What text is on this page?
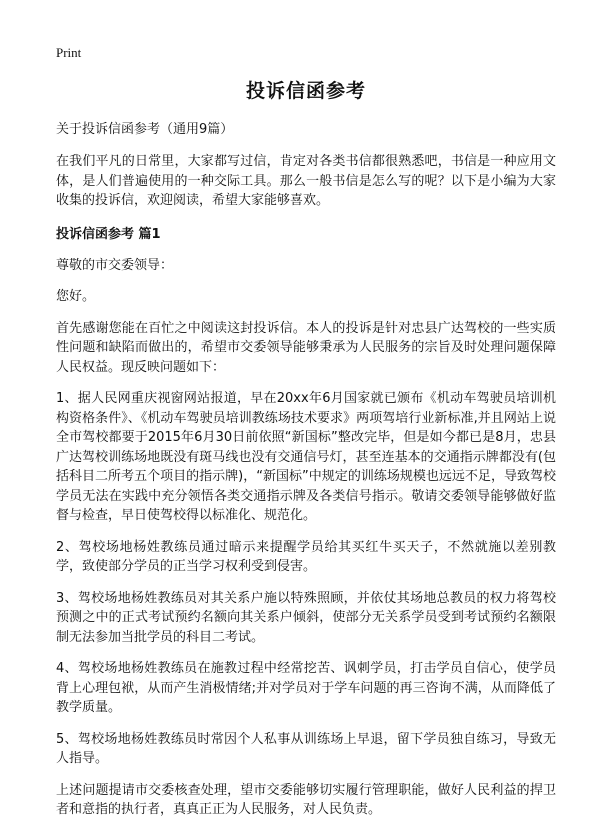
Print
投诉信函参考
关于投诉信函参考（通用9篇）

在我们平凡的日常里，大家都写过信，肯定对各类书信都很熟悉吧，书信是一种应用文体，是人们普遍使用的一种交际工具。那么一般书信是怎么写的呢？以下是小编为大家收集的投诉信，欢迎阅读，希望大家能够喜欢。

投诉信函参考 篇1

尊敬的市交委领导：

您好。

首先感谢您能在百忙之中阅读这封投诉信。本人的投诉是针对忠县广达驾校的一些实质性问题和缺陷而做出的，希望市交委领导能够秉承为人民服务的宗旨及时处理问题保障人民权益。现反映问题如下：

1、据人民网重庆视窗网站报道，早在20xx年6月国家就已颁布《机动车驾驶员培训机构资格条件》、《机动车驾驶员培训教练场技术要求》两项驾培行业新标准,并且网站上说全市驾校都要于2015年6月30日前依照“新国标”整改完毕，但是如今都已是8月，忠县广达驾校训练场地既没有斑马线也没有交通信号灯，甚至连基本的交通指示牌都没有(包括科目二所考五个项目的指示牌)，“新国标”中规定的训练场规模也远远不足，导致驾校学员无法在实践中充分领悟各类交通指示牌及各类信号指示。敬请交委领导能够做好监督与检查，早日使驾校得以标准化、规范化。

2、驾校场地杨姓教练员通过暗示来提醒学员给其买红牛买天子，不然就施以差别教学，致使部分学员的正当学习权利受到侵害。

3、驾校场地杨姓教练员对其关系户施以特殊照顾，并依仗其场地总教员的权力将驾校预测之中的正式考试预约名额向其关系户倾斜，使部分无关系学员受到考试预约名额限制无法参加当批学员的科目二考试。

4、驾校场地杨姓教练员在施教过程中经常挖苦、讽刺学员，打击学员自信心，使学员背上心理包袱，从而产生消极情绪;并对学员对于学车问题的再三咨询不满，从而降低了教学质量。

5、驾校场地杨姓教练员时常因个人私事从训练场上早退，留下学员独自练习，导致无人指导。

上述问题提请市交委核查处理，望市交委能够切实履行管理职能，做好人民利益的捍卫者和意指的执行者，真真正正为人民服务，对人民负责。
